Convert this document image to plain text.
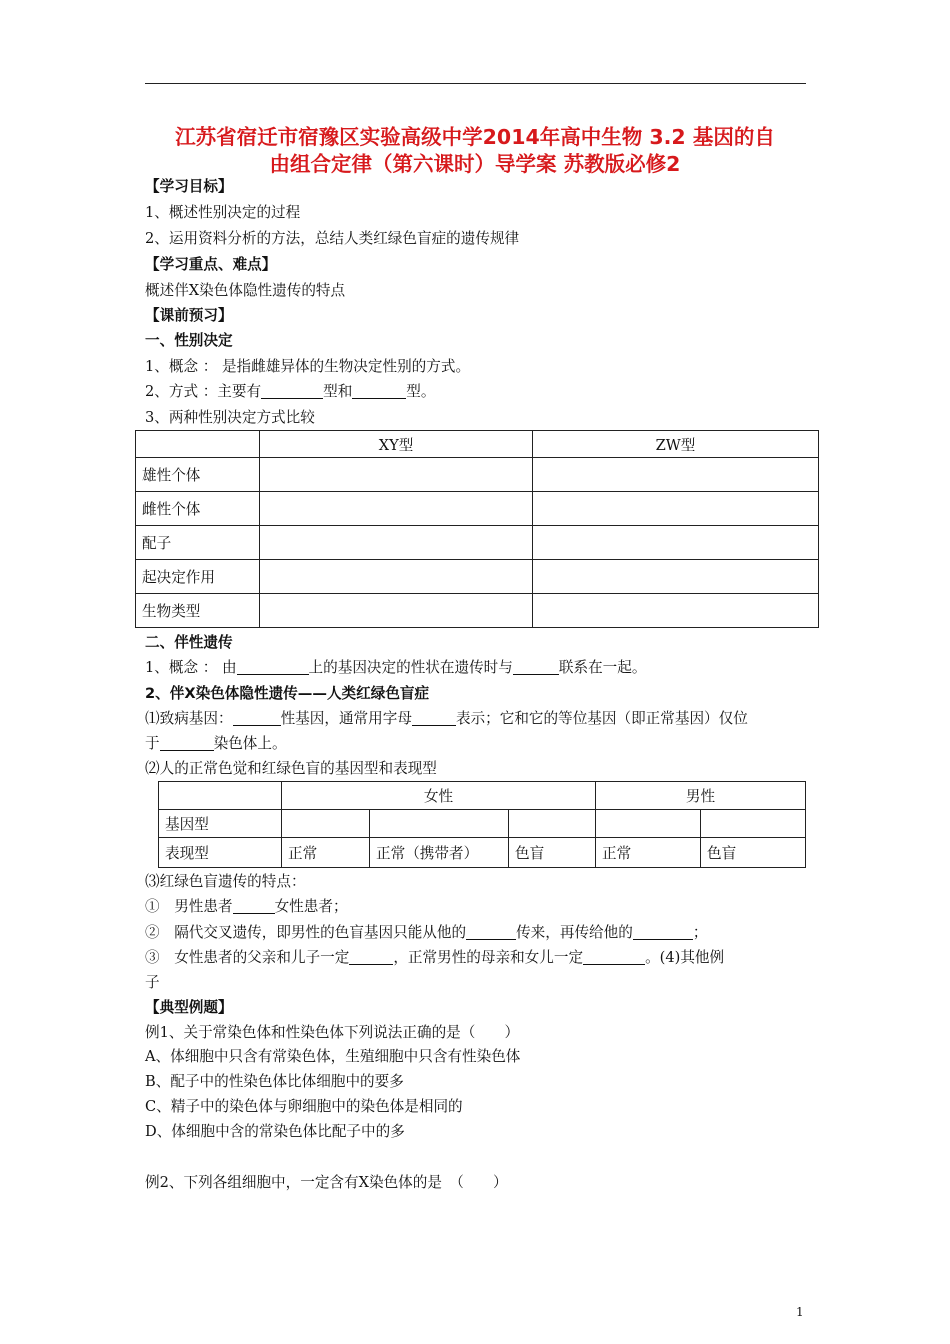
江苏省宿迁市宿豫区实验高级中学2014年高中生物 3.2 基因的自
由组合定律（第六课时）导学案 苏教版必修2
【学习目标】
1、概述性别决定的过程
2、运用资料分析的方法，总结人类红绿色盲症的遗传规律
【学习重点、难点】
概述伴X染色体隐性遗传的特点
【课前预习】
一、性别决定
1、概念 ： 是指雌雄异体的生物决定性别的方式。
2、方式 ：主要有	型和	型。
3、两种性别决定方式比较
	XY型	ZW型
雄性个体		
雌性个体		
配子		
起决定作用		
生物类型		
二、伴性遗传
1、概念 ： 由	上的基因决定的性状在遗传时与	联系在一起。
2、伴X染色体隐性遗传——人类红绿色盲症
⑴致病基因：	性基因，通常用字母	表示；它和它的等位基因（即正常基因）仅位
于	染色体上。
⑵人的正常色觉和红绿色盲的基因型和表现型
	女性			男性	
基因型					
表现型	正常	正常（携带者）	色盲	正常	色盲
⑶红绿色盲遗传的特点：
①　男性患者	女性患者；
②　隔代交叉遗传，即男性的色盲基因只能从他的	传来，再传给他的	；
③　女性患者的父亲和儿子一定	，正常男性的母亲和女儿一定	。(4)其他例
子
【典型例题】
例1、关于常染色体和性染色体下列说法正确的是（　　）
A、体细胞中只含有常染色体，生殖细胞中只含有性染色体
B、配子中的性染色体比体细胞中的要多
C、精子中的染色体与卵细胞中的染色体是相同的
D、体细胞中含的常染色体比配子中的多
例2、下列各组细胞中，一定含有X染色体的是　（　　）
1
